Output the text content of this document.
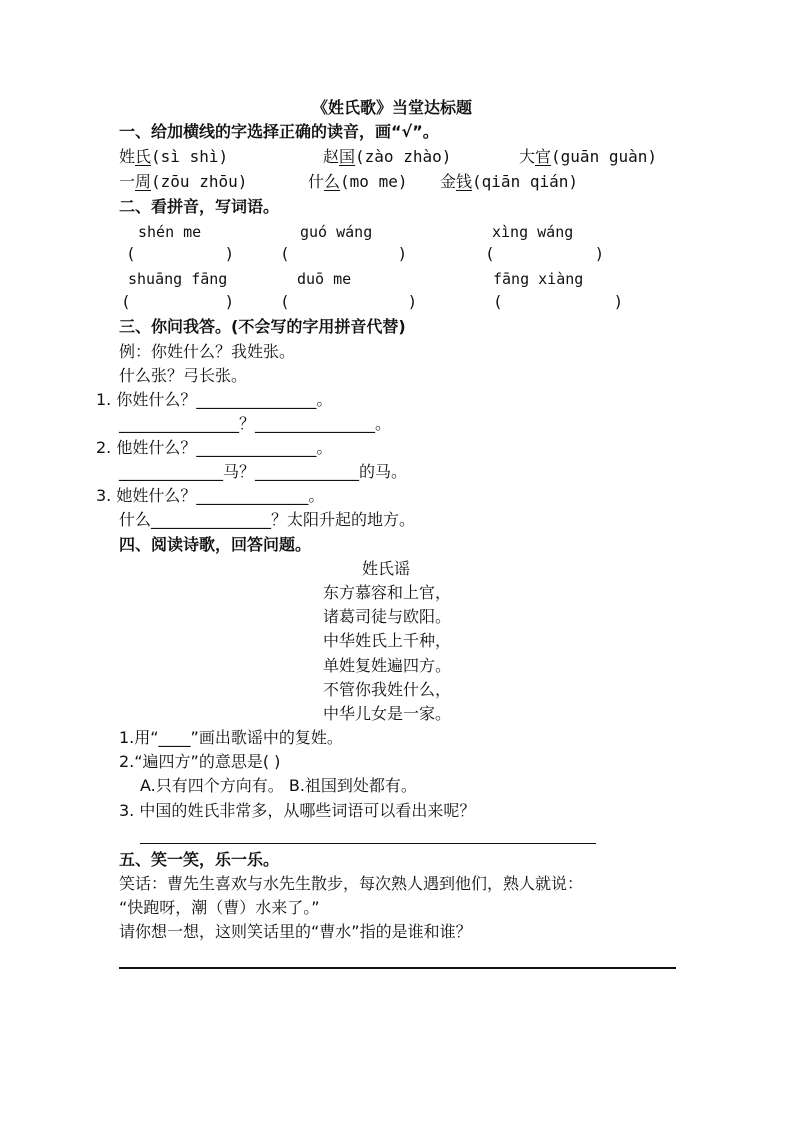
《姓氏歌》当堂达标题
一、给加横线的字选择正确的读音，画“√”。
姓氏(sì shì)	赵国(zào zhào)	大官(guān guàn)
一周(zōu zhōu)	什么(mo me) 金钱(qiān qián)
二、看拼音，写词语。
shén me	guó wáng	xìng wáng
(	)	(	)	(	)
shuāng fāng	duō me	fāng xiàng
(	)	(	)	(	)
三、你问我答。(不会写的字用拼音代替)
例：你姓什么？我姓张。
什么张？弓长张。
1. 你姓什么？_______________。
_______________？_______________。
2. 他姓什么？_______________。
_____________马？_____________的马。
3. 她姓什么？______________。
什么_______________？太阳升起的地方。
四、阅读诗歌，回答问题。
姓氏谣
东方慕容和上官，
诸葛司徒与欧阳。
中华姓氏上千种，
单姓复姓遍四方。
不管你我姓什么，
中华儿女是一家。
1.用“____”画出歌谣中的复姓。
2.“遍四方”的意思是( )
A.只有四个方向有。 B.祖国到处都有。
3. 中国的姓氏非常多，从哪些词语可以看出来呢？
五、笑一笑，乐一乐。
笑话：曹先生喜欢与水先生散步，每次熟人遇到他们，熟人就说：
“快跑呀，潮（曹）水来了。”
请你想一想，这则笑话里的“曹水”指的是谁和谁？
